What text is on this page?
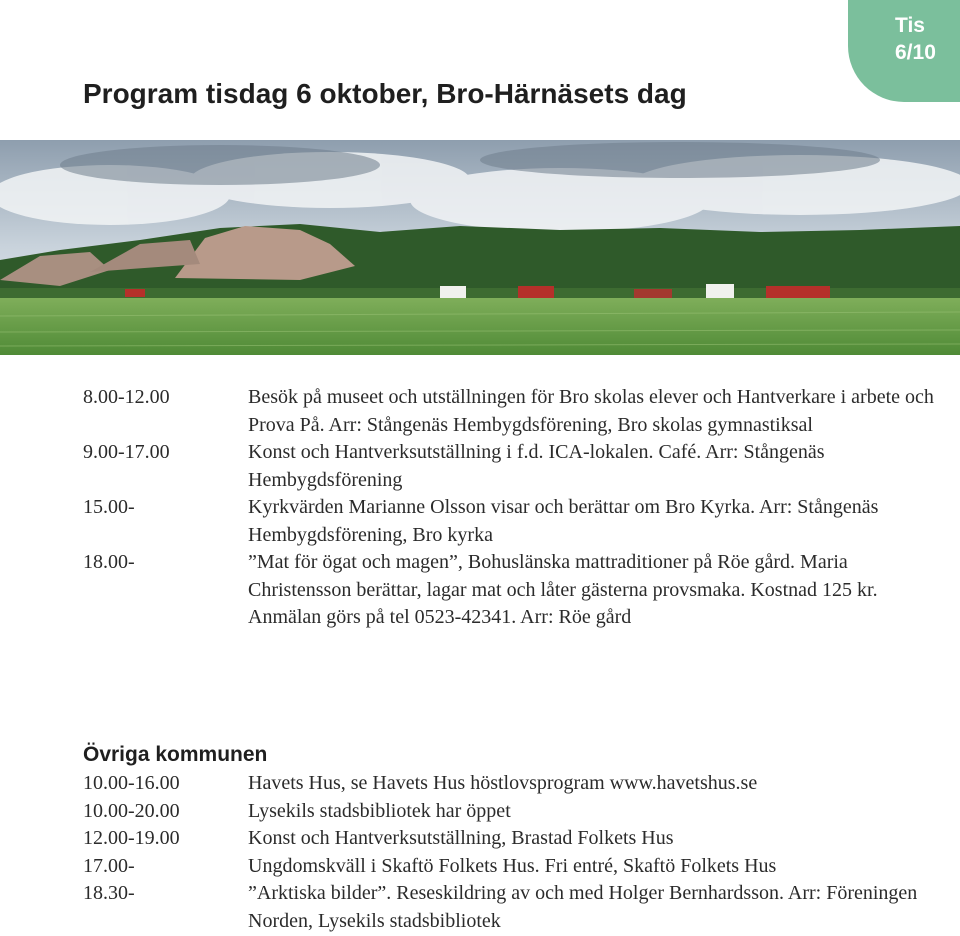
Tis
6/10
Program tisdag 6 oktober, Bro-Härnäsets dag
8.00-12.00	Besök på museet och utställningen för Bro skolas elever och Hantverkare i arbete och Prova På. Arr: Stångenäs Hembygdsförening, Bro skolas gymnastiksal
9.00-17.00	Konst och Hantverksutställning i f.d. ICA-lokalen. Café. Arr: Stångenäs Hembygdsförening
15.00-	Kyrkvärden Marianne Olsson visar och berättar om Bro Kyrka. Arr: Stångenäs Hembygdsförening, Bro kyrka
18.00-	”Mat för ögat och magen”, Bohuslänska mattraditioner på Röe gård. Maria Christensson berättar, lagar mat och låter gästerna provsmaka. Kostnad 125 kr. Anmälan görs på tel 0523-42341. Arr: Röe gård
Övriga kommunen
10.00-16.00	Havets Hus, se Havets Hus höstlovsprogram www.havetshus.se
10.00-20.00	Lysekils stadsbibliotek har öppet
12.00-19.00	Konst och Hantverksutställning, Brastad Folkets Hus
17.00-	Ungdomskväll i Skaftö Folkets Hus. Fri entré, Skaftö Folkets Hus
18.30-	”Arktiska bilder”. Reseskildring av och med Holger Bernhardsson. Arr: Föreningen Norden, Lysekils stadsbibliotek
